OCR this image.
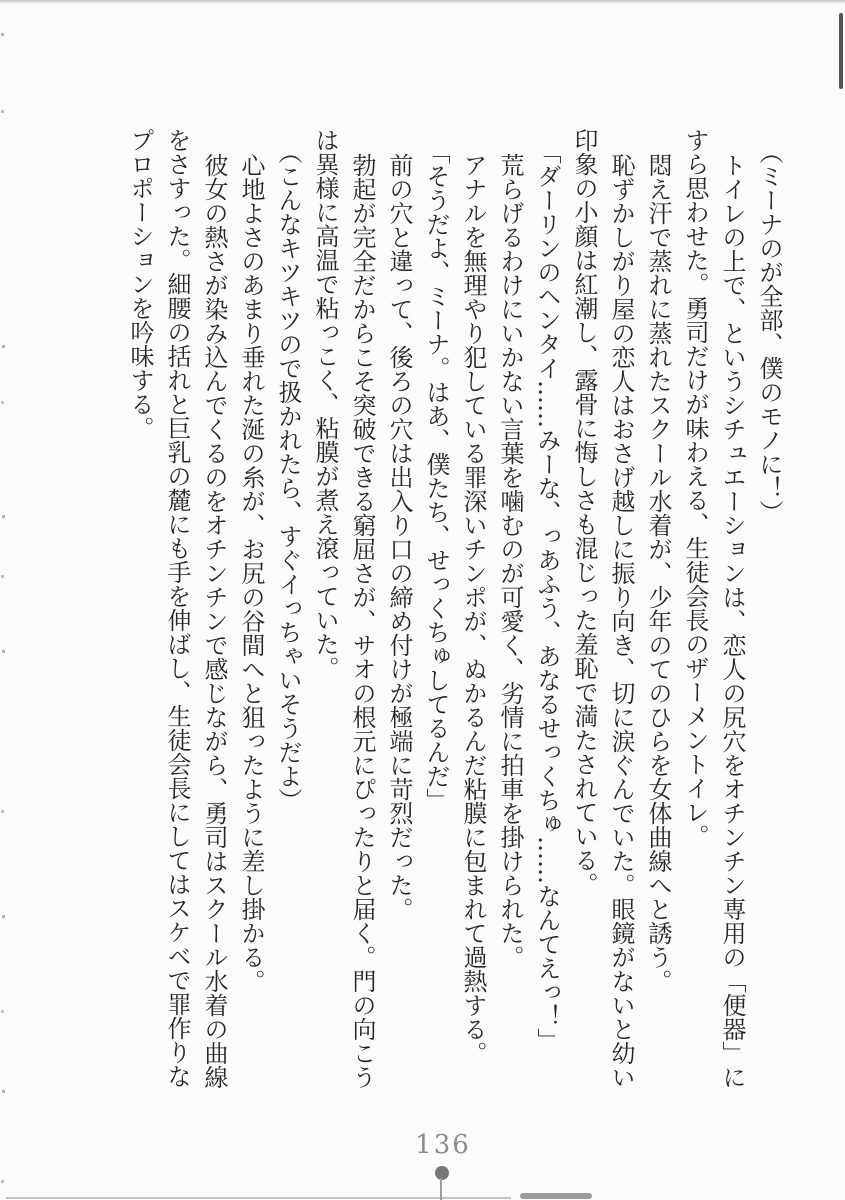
（ミーナのが全部、僕のモノに！）
トイレの上で、というシチュエーションは、恋人の尻穴をオチンチン専用の「便器」に
すら思わせた。勇司だけが味わえる、生徒会長のザーメントイレ。
悶え汗で蒸れに蒸れたスクール水着が、少年のてのひらを女体曲線へと誘う。
恥ずかしがり屋の恋人はおさげ越しに振り向き、切に涙ぐんでいた。眼鏡がないと幼い
印象の小顔は紅潮し、露骨に悔しさも混じった羞恥で満たされている。
「ダーリンのヘンタイ……みーな、っあふう、あなるせっくちゅ……なんてえっ！」
荒らげるわけにいかない言葉を噛むのが可愛く、劣情に拍車を掛けられた。
アナルを無理やり犯している罪深いチンポが、ぬかるんだ粘膜に包まれて過熱する。
「そうだよ、ミーナ。はあ、僕たち、せっくちゅしてるんだ」
前の穴と違って、後ろの穴は出入り口の締め付けが極端に苛烈だった。
勃起が完全だからこそ突破できる窮屈さが、サオの根元にぴったりと届く。門の向こう
は異様に高温で粘っこく、粘膜が煮え滾っていた。
（こんなキツキツので扱かれたら、すぐイっちゃいそうだよ）
心地よさのあまり垂れた涎の糸が、お尻の谷間へと狙ったように差し掛かる。
彼女の熱さが染み込んでくるのをオチンチンで感じながら、勇司はスクール水着の曲線
をさすった。細腰の括れと巨乳の麓にも手を伸ばし、生徒会長にしてはスケベで罪作りな
プロポーションを吟味する。
136
